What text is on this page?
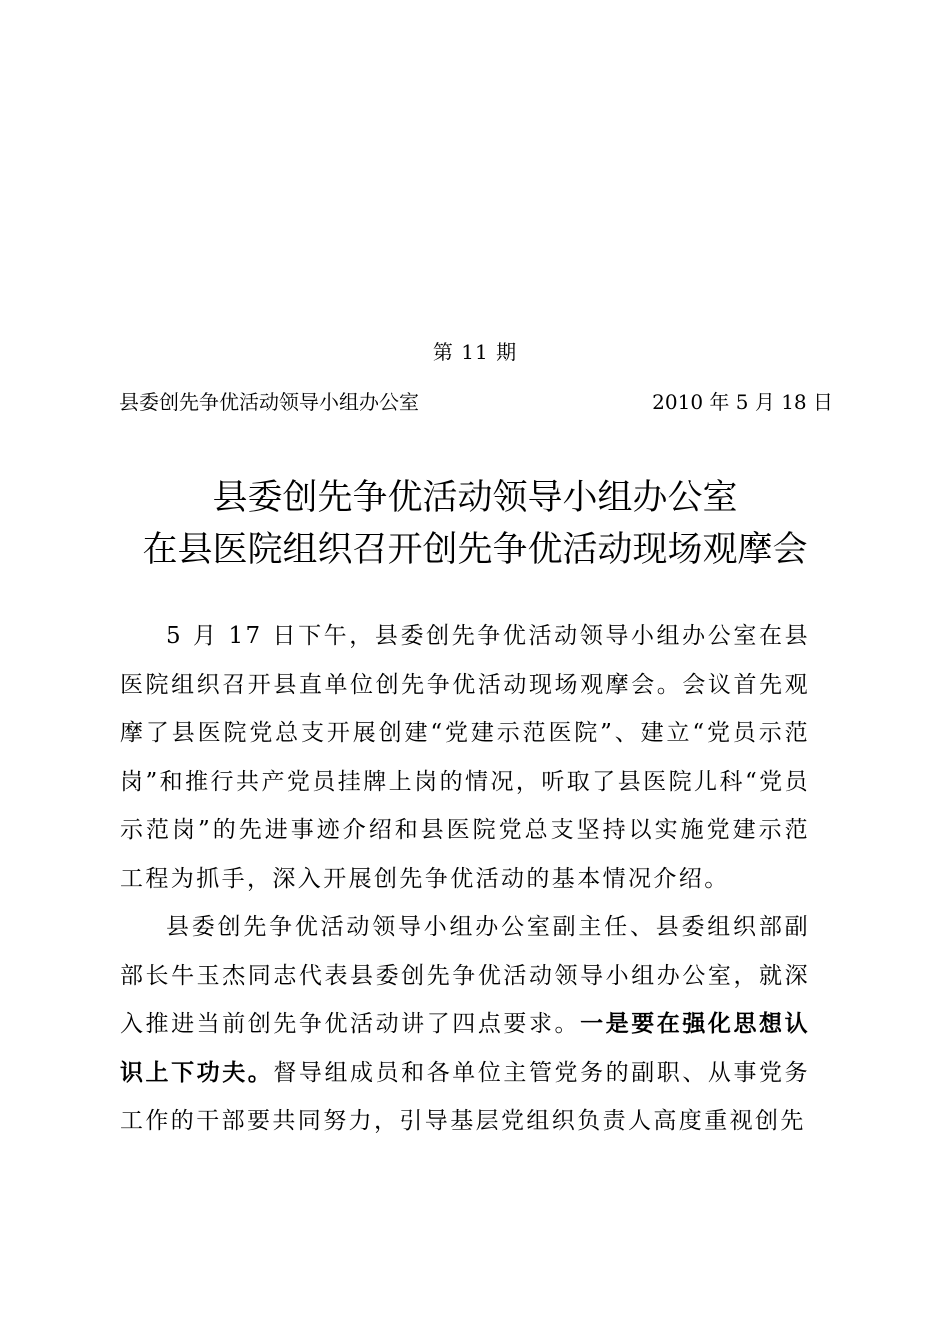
第 11 期
县委创先争优活动领导小组办公室	2010 年 5 月 18 日
县委创先争优活动领导小组办公室
在县医院组织召开创先争优活动现场观摩会

5 月 17 日下午，县委创先争优活动领导小组办公室在县医院组织召开县直单位创先争优活动现场观摩会。会议首先观摩了县医院党总支开展创建“党建示范医院”、建立“党员示范岗”和推行共产党员挂牌上岗的情况，听取了县医院儿科“党员示范岗”的先进事迹介绍和县医院党总支坚持以实施党建示范工程为抓手，深入开展创先争优活动的基本情况介绍。

县委创先争优活动领导小组办公室副主任、县委组织部副部长牛玉杰同志代表县委创先争优活动领导小组办公室，就深入推进当前创先争优活动讲了四点要求。一是要在强化思想认识上下功夫。督导组成员和各单位主管党务的副职、从事党务工作的干部要共同努力，引导基层党组织负责人高度重视创先
